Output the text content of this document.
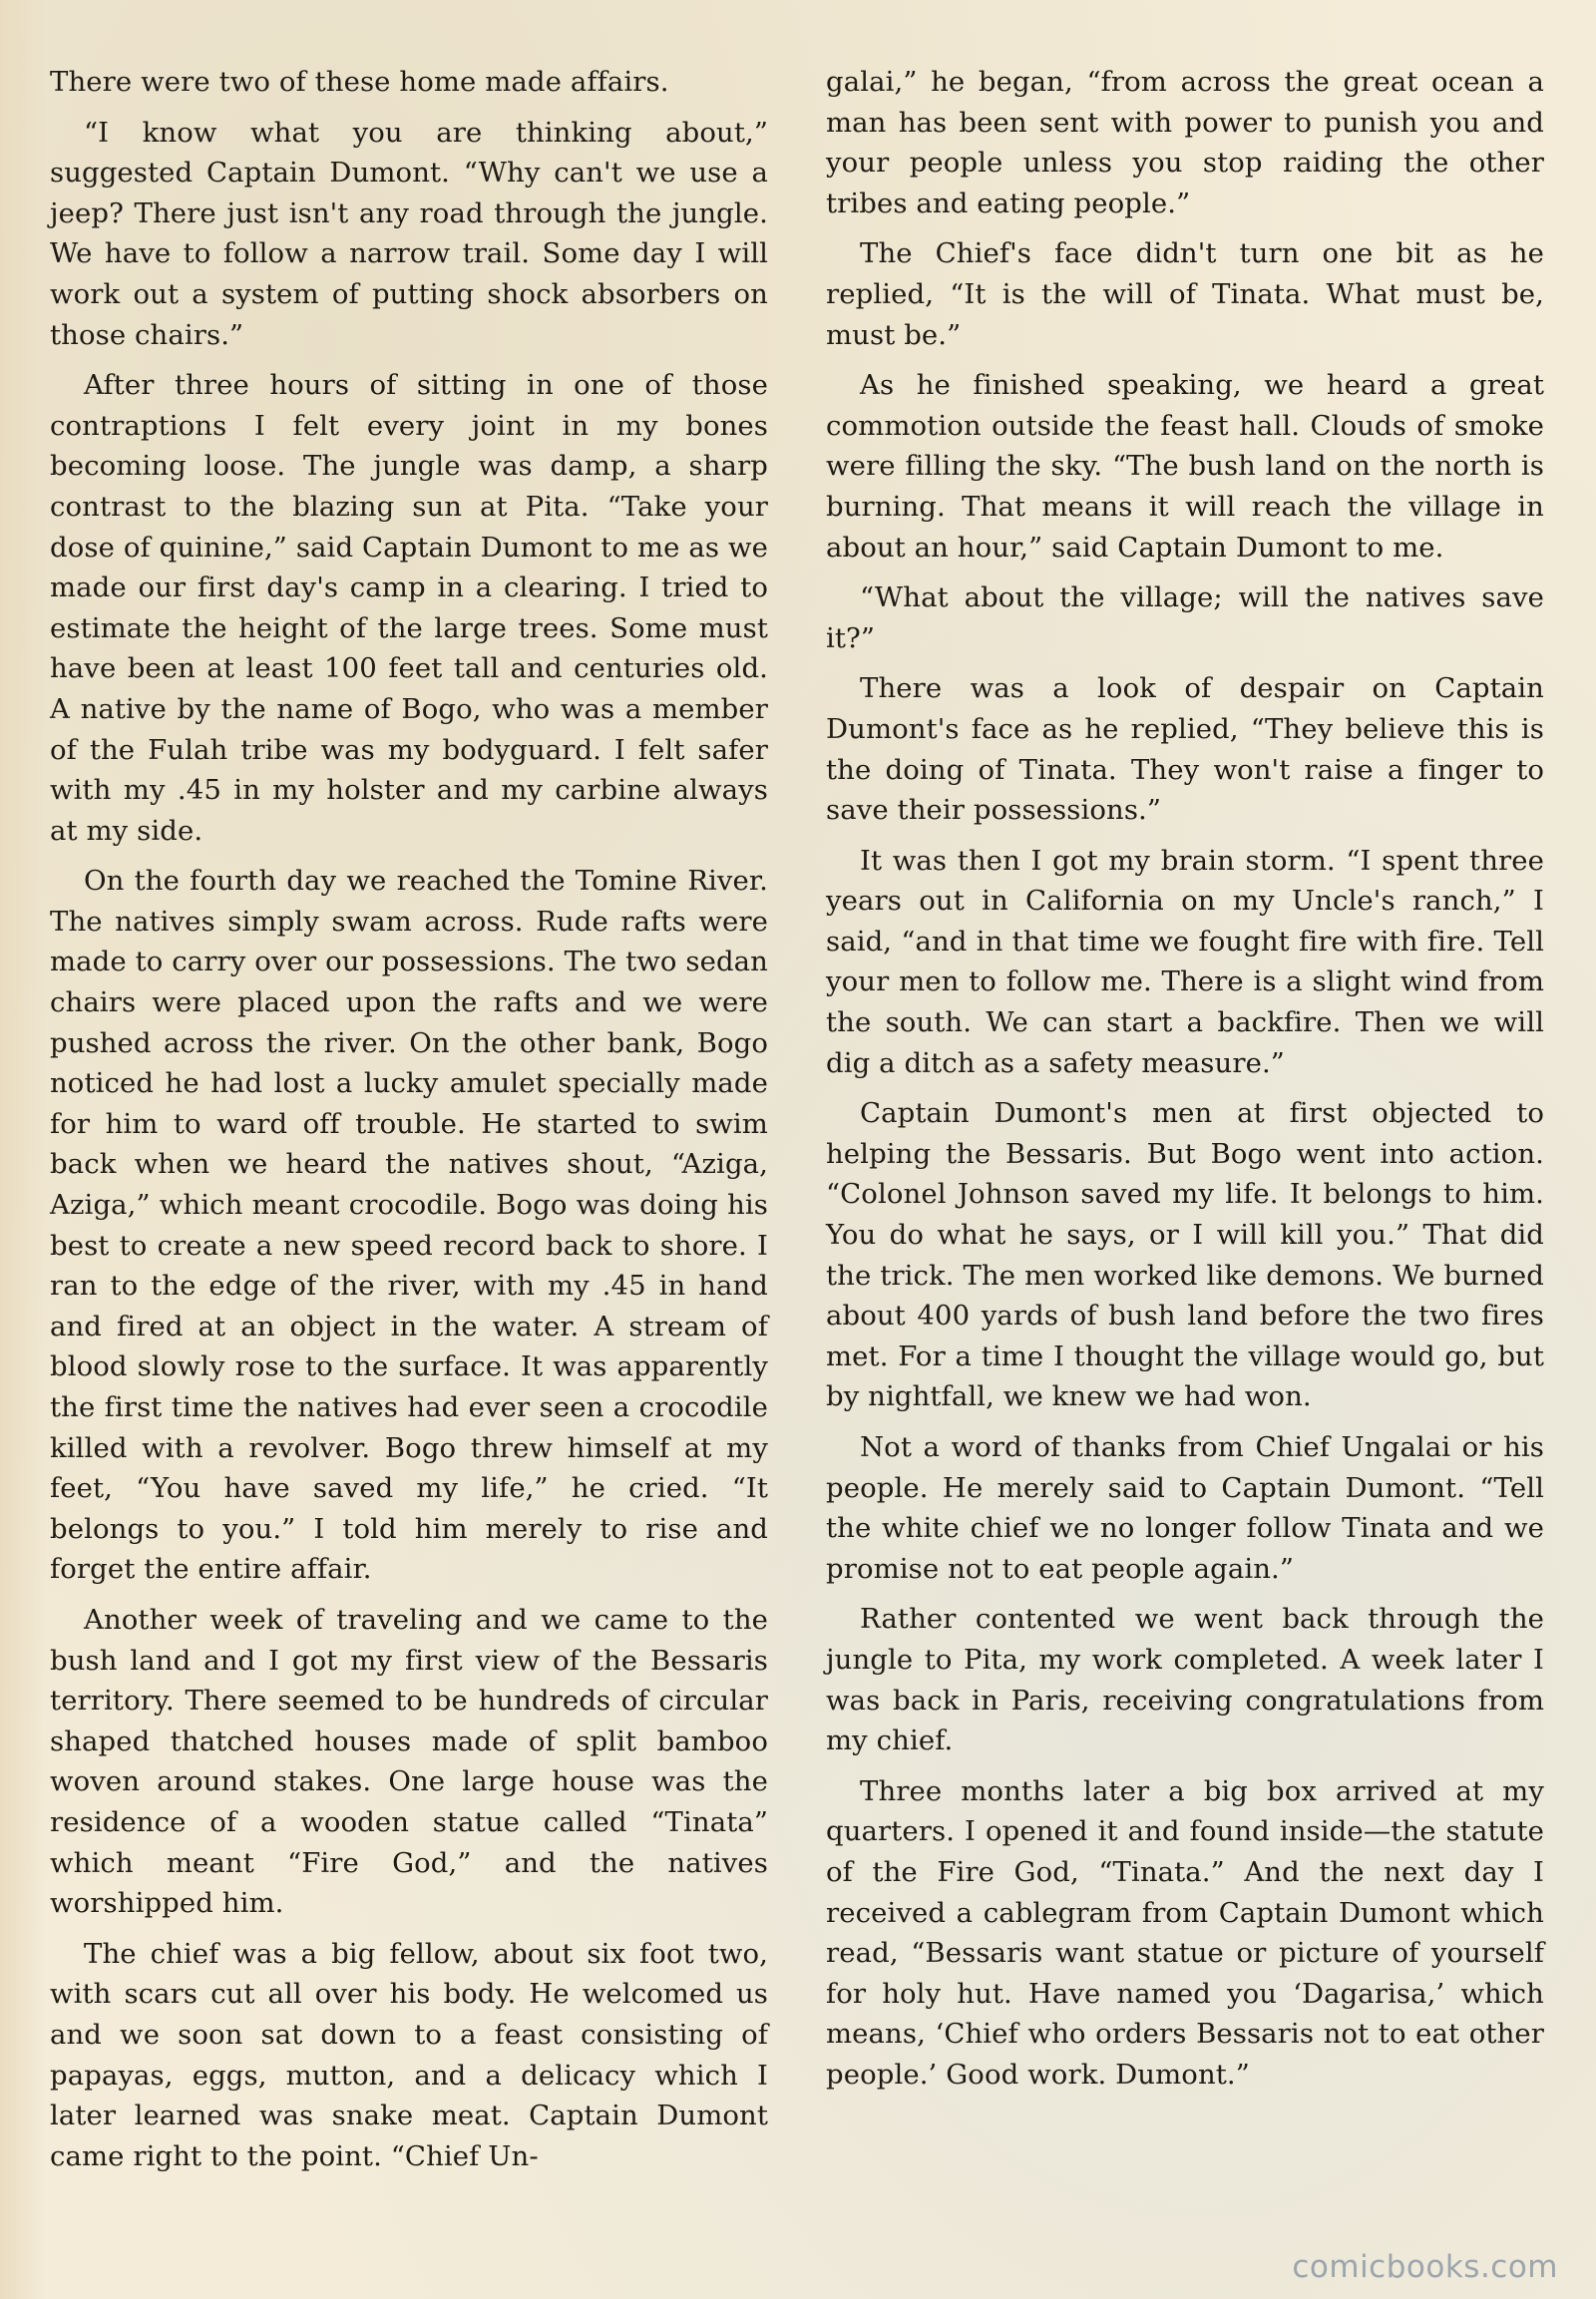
There were two of these home made affairs.

“I know what you are thinking about,” suggested Captain Dumont. “Why can't we use a jeep? There just isn't any road through the jungle. We have to follow a narrow trail. Some day I will work out a system of putting shock absorbers on those chairs.”

After three hours of sitting in one of those contraptions I felt every joint in my bones becoming loose. The jungle was damp, a sharp contrast to the blazing sun at Pita. “Take your dose of quinine,” said Captain Dumont to me as we made our first day's camp in a clearing. I tried to estimate the height of the large trees. Some must have been at least 100 feet tall and centuries old. A native by the name of Bogo, who was a member of the Fulah tribe was my bodyguard. I felt safer with my .45 in my holster and my carbine always at my side.

On the fourth day we reached the Tomine River. The natives simply swam across. Rude rafts were made to carry over our possessions. The two sedan chairs were placed upon the rafts and we were pushed across the river. On the other bank, Bogo noticed he had lost a lucky amulet specially made for him to ward off trouble. He started to swim back when we heard the natives shout, “Aziga, Aziga,” which meant crocodile. Bogo was doing his best to create a new speed record back to shore. I ran to the edge of the river, with my .45 in hand and fired at an object in the water. A stream of blood slowly rose to the surface. It was apparently the first time the natives had ever seen a crocodile killed with a revolver. Bogo threw himself at my feet, “You have saved my life,” he cried. “It belongs to you.” I told him merely to rise and forget the entire affair.

Another week of traveling and we came to the bush land and I got my first view of the Bessaris territory. There seemed to be hundreds of circular shaped thatched houses made of split bamboo woven around stakes. One large house was the residence of a wooden statue called “Tinata” which meant “Fire God,” and the natives worshipped him.

The chief was a big fellow, about six foot two, with scars cut all over his body. He welcomed us and we soon sat down to a feast consisting of papayas, eggs, mutton, and a delicacy which I later learned was snake meat. Captain Dumont came right to the point. “Chief Un-

galai,” he began, “from across the great ocean a man has been sent with power to punish you and your people unless you stop raiding the other tribes and eating people.”

The Chief's face didn't turn one bit as he replied, “It is the will of Tinata. What must be, must be.”

As he finished speaking, we heard a great commotion outside the feast hall. Clouds of smoke were filling the sky. “The bush land on the north is burning. That means it will reach the village in about an hour,” said Captain Dumont to me.

“What about the village; will the natives save it?”

There was a look of despair on Captain Dumont's face as he replied, “They believe this is the doing of Tinata. They won't raise a finger to save their possessions.”

It was then I got my brain storm. “I spent three years out in California on my Uncle's ranch,” I said, “and in that time we fought fire with fire. Tell your men to follow me. There is a slight wind from the south. We can start a backfire. Then we will dig a ditch as a safety measure.”

Captain Dumont's men at first objected to helping the Bessaris. But Bogo went into action. “Colonel Johnson saved my life. It belongs to him. You do what he says, or I will kill you.” That did the trick. The men worked like demons. We burned about 400 yards of bush land before the two fires met. For a time I thought the village would go, but by nightfall, we knew we had won.

Not a word of thanks from Chief Ungalai or his people. He merely said to Captain Dumont. “Tell the white chief we no longer follow Tinata and we promise not to eat people again.”

Rather contented we went back through the jungle to Pita, my work completed. A week later I was back in Paris, receiving congratulations from my chief.

Three months later a big box arrived at my quarters. I opened it and found inside—the statute of the Fire God, “Tinata.” And the next day I received a cablegram from Captain Dumont which read, “Bessaris want statue or picture of yourself for holy hut. Have named you ‘Dagarisa,’ which means, ‘Chief who orders Bessaris not to eat other people.’ Good work. Dumont.”

comicbooks.com
